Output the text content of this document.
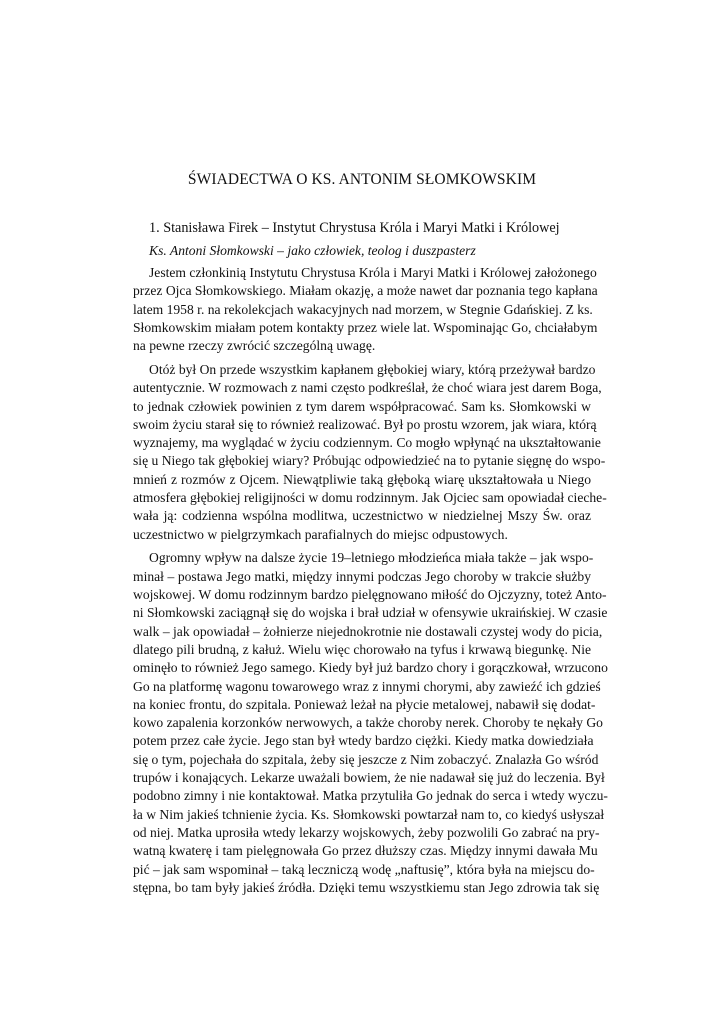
ŚWIADECTWA O KS. ANTONIM SŁOMKOWSKIM
1. Stanisława Firek – Instytut Chrystusa Króla i Maryi Matki i Królowej
Ks. Antoni Słomkowski – jako człowiek, teolog i duszpasterz
Jestem członkinią Instytutu Chrystusa Króla i Maryi Matki i Królowej założonego
przez Ojca Słomkowskiego. Miałam okazję, a może nawet dar poznania tego kapłana
latem 1958 r. na rekolekcjach wakacyjnych nad morzem, w Stegnie Gdańskiej. Z ks.
Słomkowskim miałam potem kontakty przez wiele lat. Wspominając Go, chciałabym
na pewne rzeczy zwrócić szczególną uwagę.
Otóż był On przede wszystkim kapłanem głębokiej wiary, którą przeżywał bardzo
autentycznie. W rozmowach z nami często podkreślał, że choć wiara jest darem Boga,
to jednak człowiek powinien z tym darem współpracować. Sam ks. Słomkowski w
swoim życiu starał się to również realizować. Był po prostu wzorem, jak wiara, którą
wyznajemy, ma wyglądać w życiu codziennym. Co mogło wpłynąć na ukształtowanie
się u Niego tak głębokiej wiary? Próbując odpowiedzieć na to pytanie sięgnę do wspo-
mnień z rozmów z Ojcem. Niewątpliwie taką głęboką wiarę ukształtowała u Niego
atmosfera głębokiej religijności w domu rodzinnym. Jak Ojciec sam opowiadał cieche-
wała ją: codzienna wspólna modlitwa, uczestnictwo w niedzielnej Mszy Św. oraz
uczestnictwo w pielgrzymkach parafialnych do miejsc odpustowych.
Ogromny wpływ na dalsze życie 19–letniego młodzieńca miała także – jak wspo-
minał – postawa Jego matki, między innymi podczas Jego choroby w trakcie służby
wojskowej. W domu rodzinnym bardzo pielęgnowano miłość do Ojczyzny, toteż Anto-
ni Słomkowski zaciągnął się do wojska i brał udział w ofensywie ukraińskiej. W czasie
walk – jak opowiadał – żołnierze niejednokrotnie nie dostawali czystej wody do picia,
dlatego pili brudną, z kałuż. Wielu więc chorowało na tyfus i krwawą biegunkę. Nie
ominęło to również Jego samego. Kiedy był już bardzo chory i gorączkował, wrzucono
Go na platformę wagonu towarowego wraz z innymi chorymi, aby zawieźć ich gdzieś
na koniec frontu, do szpitala. Ponieważ leżał na płycie metalowej, nabawił się dodat-
kowo zapalenia korzonków nerwowych, a także choroby nerek. Choroby te nękały Go
potem przez całe życie. Jego stan był wtedy bardzo ciężki. Kiedy matka dowiedziała
się o tym, pojechała do szpitala, żeby się jeszcze z Nim zobaczyć. Znalazła Go wśród
trupów i konających. Lekarze uważali bowiem, że nie nadawał się już do leczenia. Był
podobno zimny i nie kontaktował. Matka przytuliła Go jednak do serca i wtedy wyczu-
ła w Nim jakieś tchnienie życia. Ks. Słomkowski powtarzał nam to, co kiedyś usłyszał
od niej. Matka uprosiła wtedy lekarzy wojskowych, żeby pozwolili Go zabrać na pry-
watną kwaterę i tam pielęgnowała Go przez dłuższy czas. Między innymi dawała Mu
pić – jak sam wspominał – taką leczniczą wodę „naftusię”, która była na miejscu do-
stępna, bo tam były jakieś źródła. Dzięki temu wszystkiemu stan Jego zdrowia tak się
